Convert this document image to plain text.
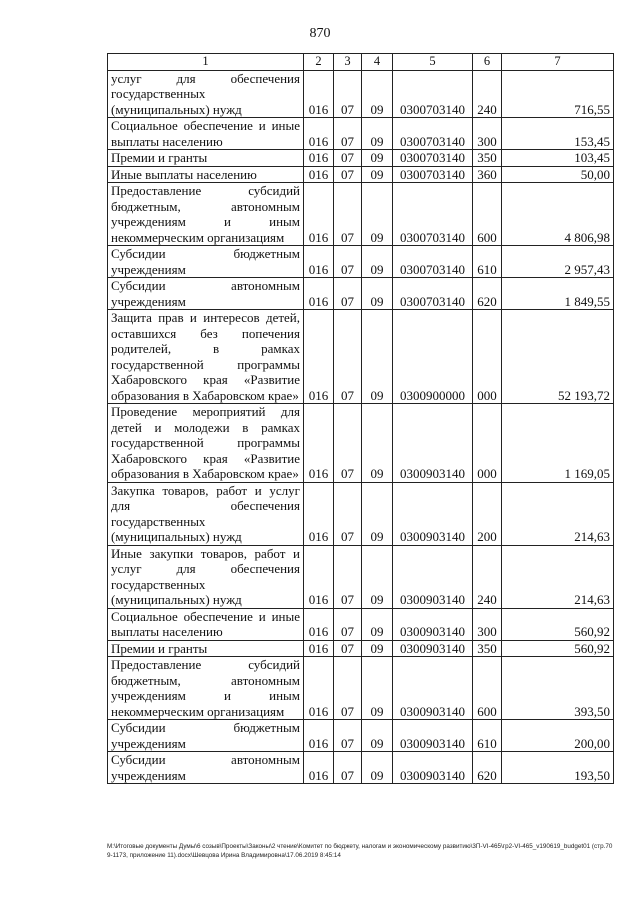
870
1	2	3	4	5	6	7
услуг для обеспечения государственных (муниципальных) нужд	016	07	09	0300703140	240	716,55
Социальное обеспечение и иные выплаты населению	016	07	09	0300703140	300	153,45
Премии и гранты	016	07	09	0300703140	350	103,45
Иные выплаты населению	016	07	09	0300703140	360	50,00
Предоставление субсидий бюджетным, автономным учреждениям и иным некоммерческим организациям	016	07	09	0300703140	600	4 806,98
Субсидии бюджетным учреждениям	016	07	09	0300703140	610	2 957,43
Субсидии автономным учреждениям	016	07	09	0300703140	620	1 849,55
Защита прав и интересов детей, оставшихся без попечения родителей, в рамках государственной программы Хабаровского края «Развитие образования в Хабаровском крае»	016	07	09	0300900000	000	52 193,72
Проведение мероприятий для детей и молодежи в рамках государственной программы Хабаровского края «Развитие образования в Хабаровском крае»	016	07	09	0300903140	000	1 169,05
Закупка товаров, работ и услуг для обеспечения государственных (муниципальных) нужд	016	07	09	0300903140	200	214,63
Иные закупки товаров, работ и услуг для обеспечения государственных (муниципальных) нужд	016	07	09	0300903140	240	214,63
Социальное обеспечение и иные выплаты населению	016	07	09	0300903140	300	560,92
Премии и гранты	016	07	09	0300903140	350	560,92
Предоставление субсидий бюджетным, автономным учреждениям и иным некоммерческим организациям	016	07	09	0300903140	600	393,50
Субсидии бюджетным учреждениям	016	07	09	0300903140	610	200,00
Субсидии автономным учреждениям	016	07	09	0300903140	620	193,50
M:\Итоговые документы Думы\6 созыв\Проекты\Законы\2 чтение\Комитет по бюджету, налогам и экономическому развитию\3П-VI-465\гр2-VI-465_v190619_budget01 (стр.709-1173, приложение 11).docx\Шевцова Ирина Владимировна\17.06.2019 8:45:14
